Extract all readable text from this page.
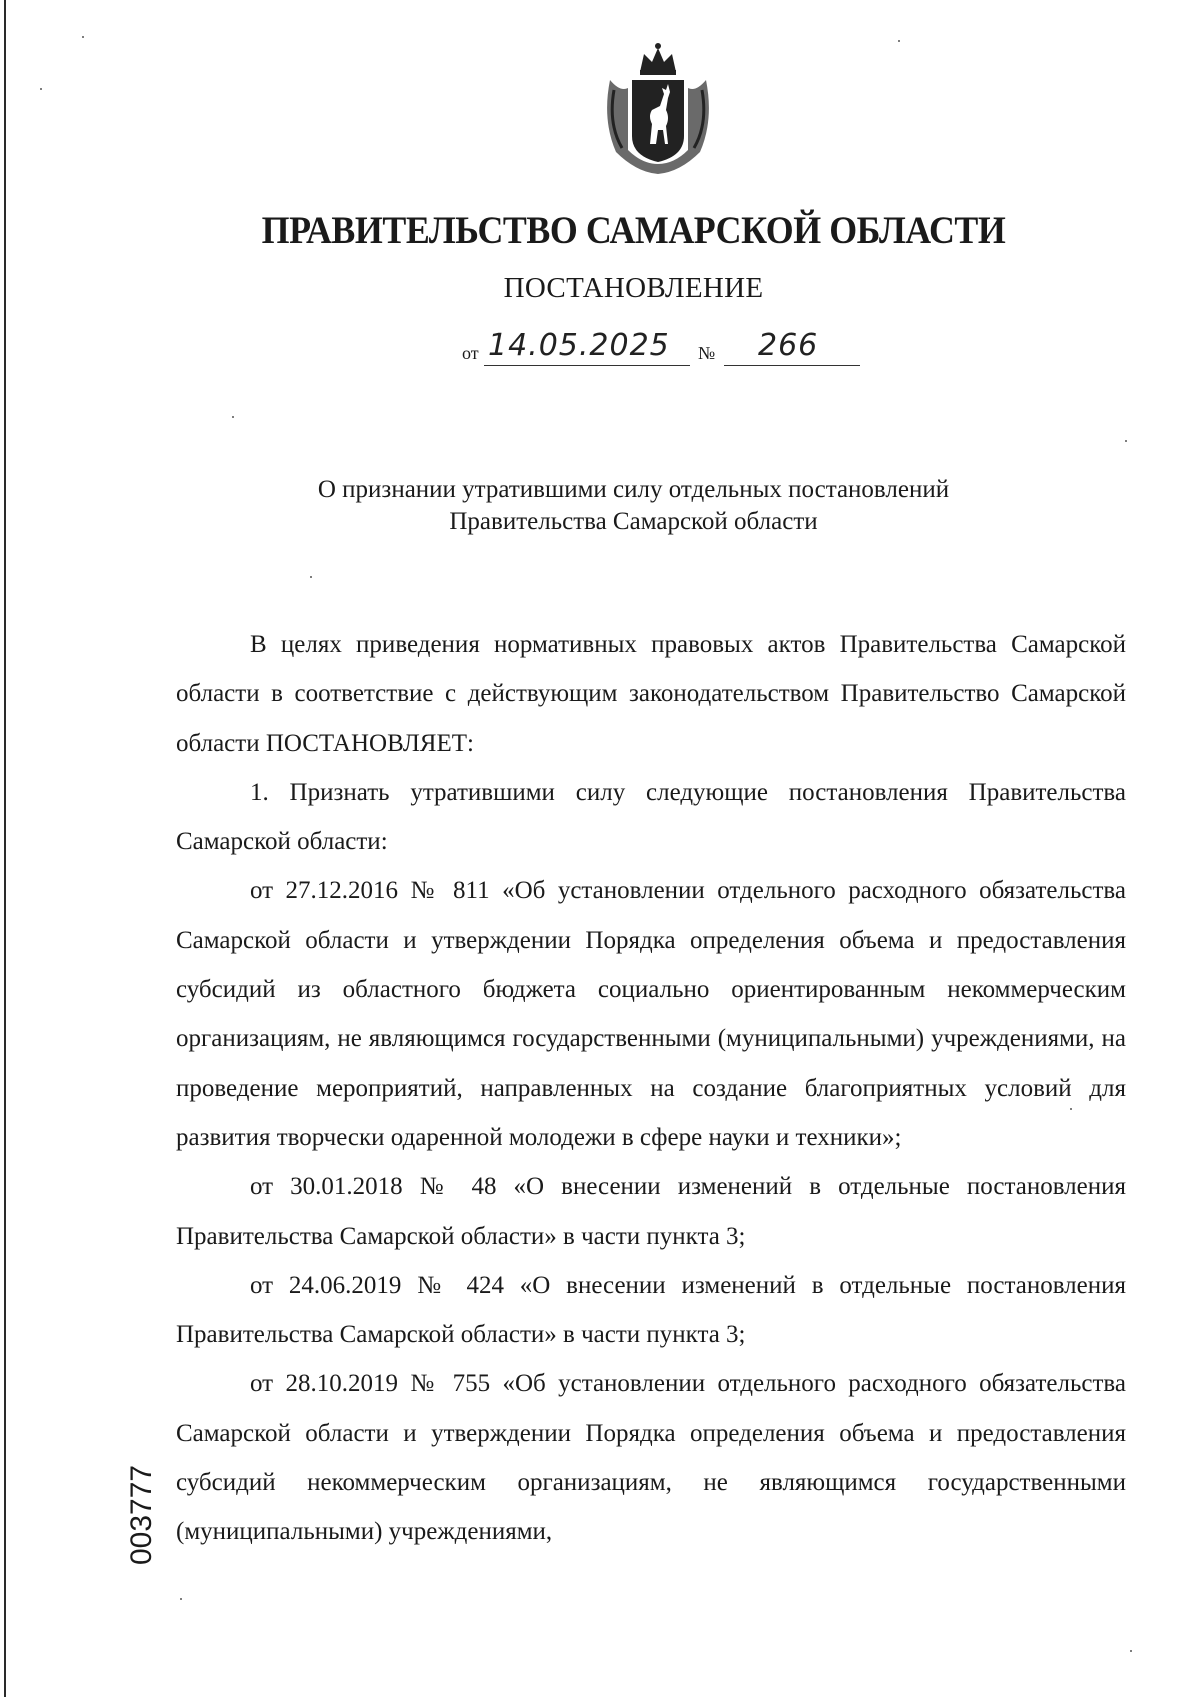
ПРАВИТЕЛЬСТВО САМАРСКОЙ ОБЛАСТИ
ПОСТАНОВЛЕНИЕ
от 14.05.2025 № 266
О признании утратившими силу отдельных постановлений
Правительства Самарской области

В целях приведения нормативных правовых актов Правительства Самарской области в соответствие с действующим законодательством Правительство Самарской области ПОСТАНОВЛЯЕТ:

1. Признать утратившими силу следующие постановления Правительства Самарской области:

от 27.12.2016 № 811 «Об установлении отдельного расходного обязательства Самарской области и утверждении Порядка определения объема и предоставления субсидий из областного бюджета социально ориентированным некоммерческим организациям, не являющимся государственными (муниципальными) учреждениями, на проведение мероприятий, направленных на создание благоприятных условий для развития творчески одаренной молодежи в сфере науки и техники»;

от 30.01.2018 № 48 «О внесении изменений в отдельные постановления Правительства Самарской области» в части пункта 3;

от 24.06.2019 № 424 «О внесении изменений в отдельные постановления Правительства Самарской области» в части пункта 3;

от 28.10.2019 № 755 «Об установлении отдельного расходного обязательства Самарской области и утверждении Порядка определения объема и предоставления субсидий некоммерческим организациям, не являющимся государственными (муниципальными) учреждениями,

003777
